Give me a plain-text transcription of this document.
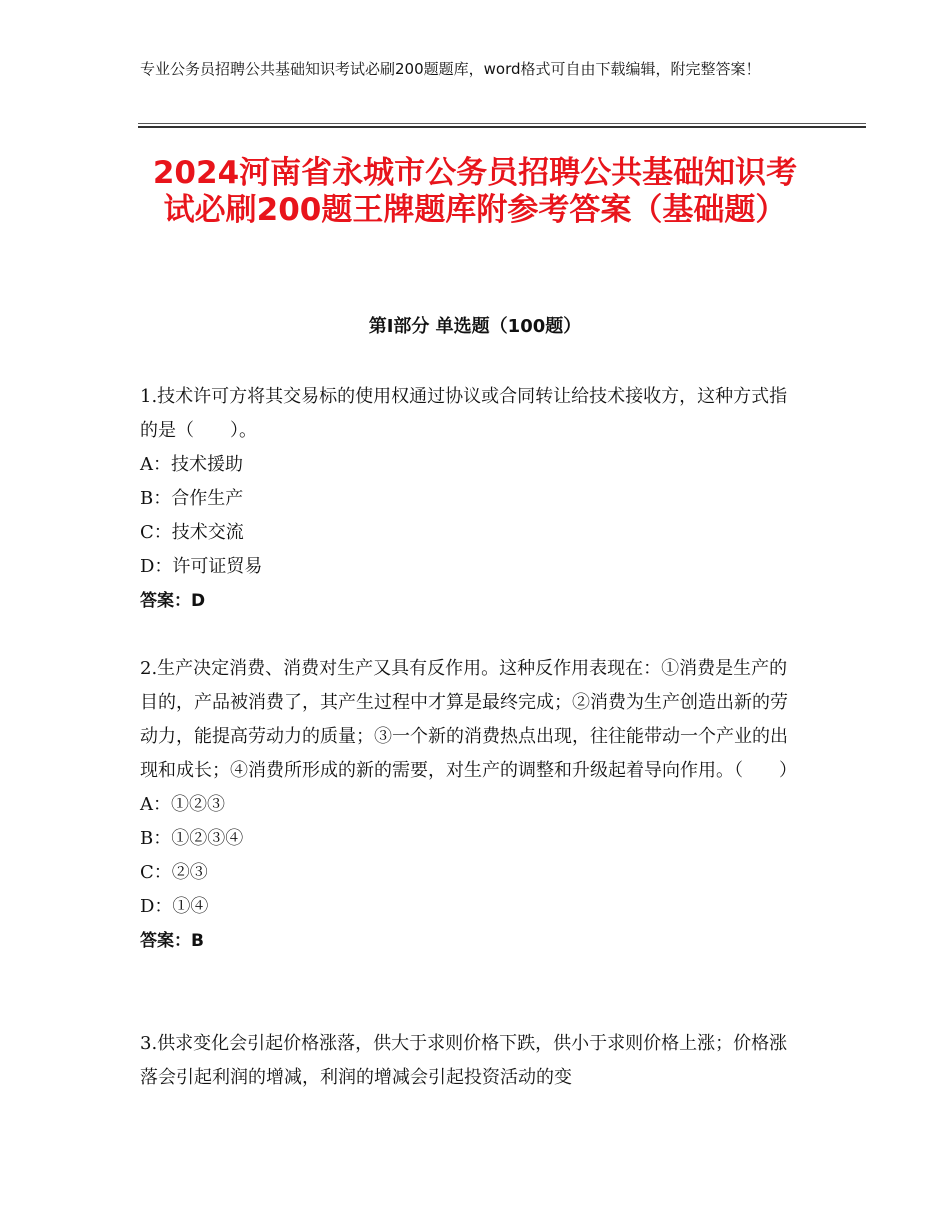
专业公务员招聘公共基础知识考试必刷200题题库，word格式可自由下载编辑，附完整答案！
2024河南省永城市公务员招聘公共基础知识考试必刷200题王牌题库附参考答案（基础题）
第Ⅰ部分 单选题（100题）

1.技术许可方将其交易标的使用权通过协议或合同转让给技术接收方，这种方式指的是（　　）。

A：技术援助

B：合作生产

C：技术交流

D：许可证贸易

答案：D

2.生产决定消费、消费对生产又具有反作用。这种反作用表现在：①消费是生产的目的，产品被消费了，其产生过程中才算是最终完成；②消费为生产创造出新的劳动力，能提高劳动力的质量；③一个新的消费热点出现，往往能带动一个产业的出现和成长；④消费所形成的新的需要，对生产的调整和升级起着导向作用。（　　）

A：①②③

B：①②③④

C：②③

D：①④

答案：B

3.供求变化会引起价格涨落，供大于求则价格下跌，供小于求则价格上涨；价格涨落会引起利润的增减，利润的增减会引起投资活动的变
